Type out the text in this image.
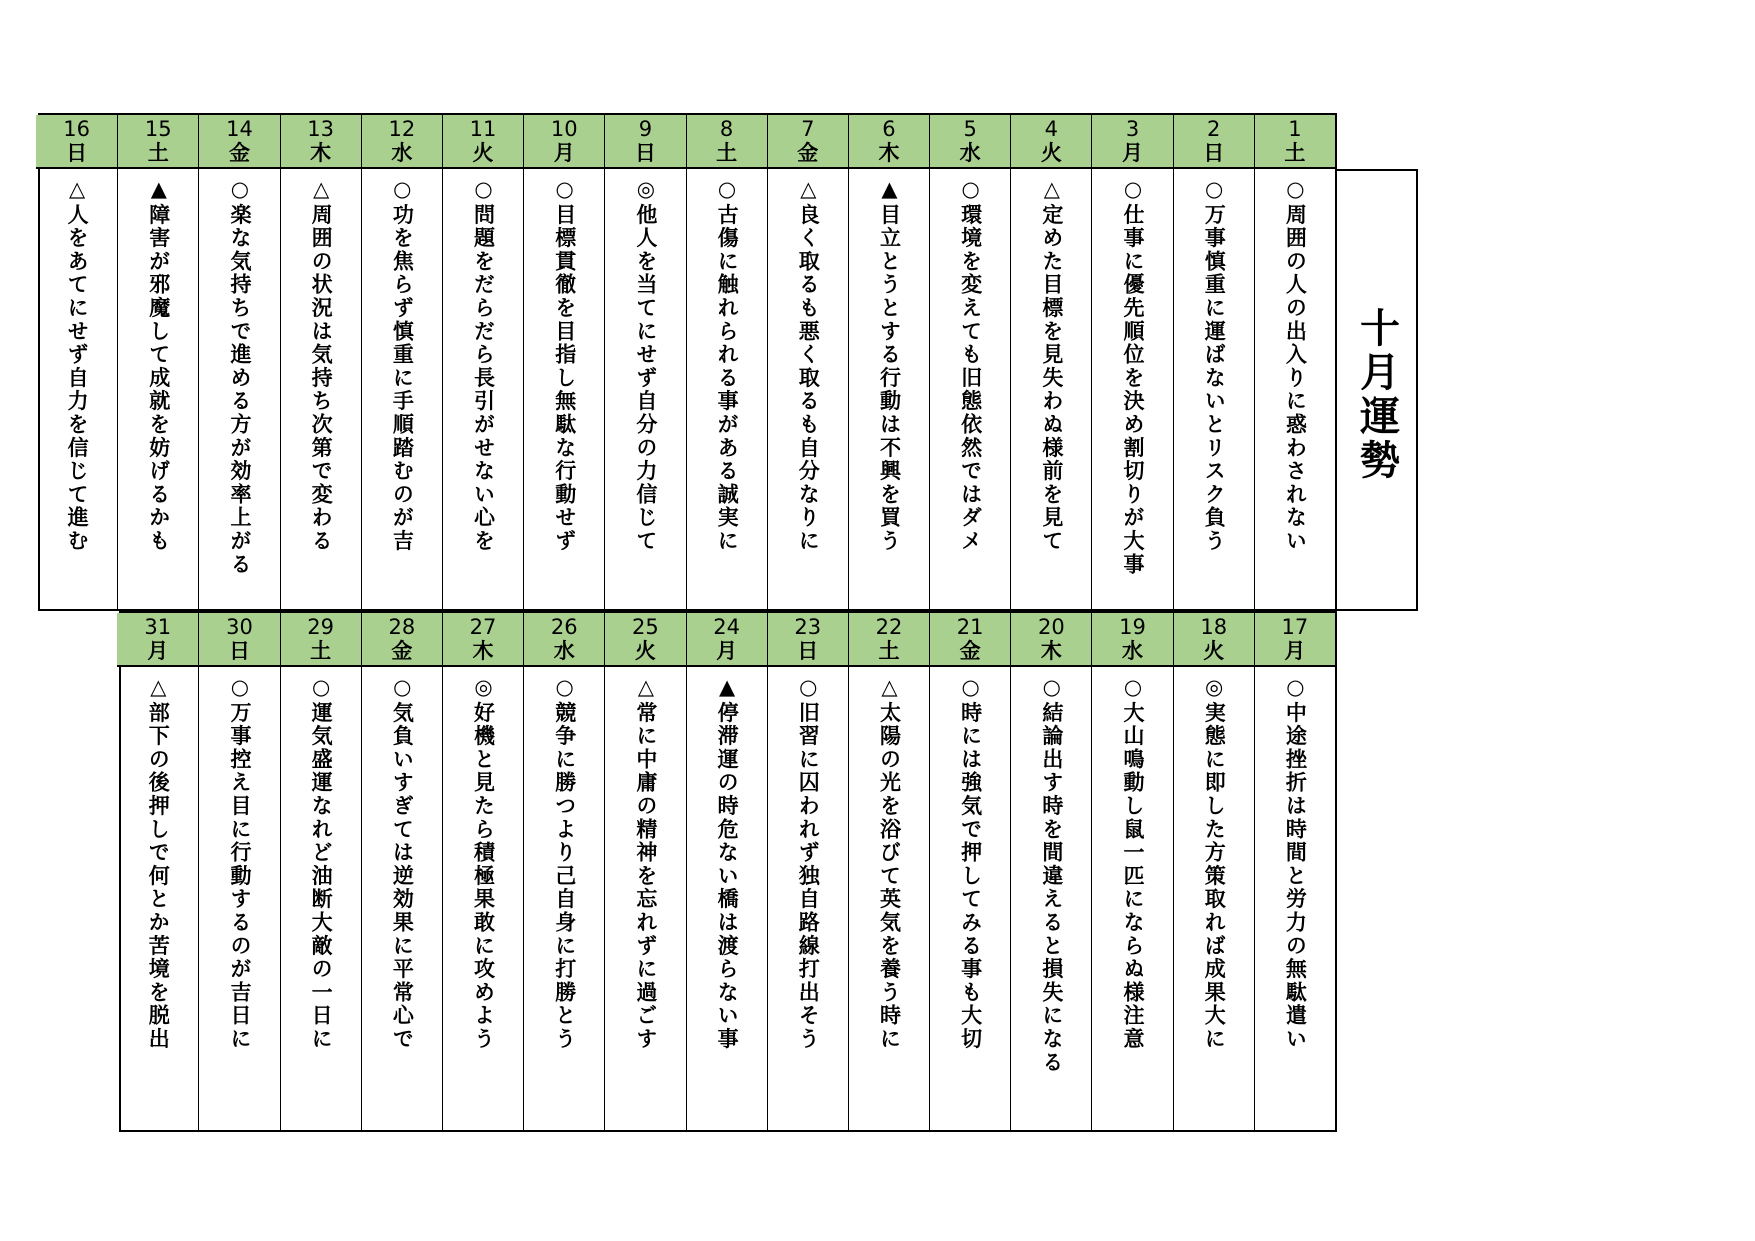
十月運勢
1
土
○周囲の人の出入りに惑わされない
2
日
○万事慎重に運ばないとリスク負う
3
月
○仕事に優先順位を決め割切りが大事
4
火
△定めた目標を見失わぬ様前を見て
5
水
○環境を変えても旧態依然ではダメ
6
木
▲目立とうとする行動は不興を買う
7
金
△良く取るも悪く取るも自分なりに
8
土
○古傷に触れられる事がある誠実に
9
日
◎他人を当てにせず自分の力信じて
10
月
○目標貫徹を目指し無駄な行動せず
11
火
○問題をだらだら長引がせない心を
12
水
○功を焦らず慎重に手順踏むのが吉
13
木
△周囲の状況は気持ち次第で変わる
14
金
○楽な気持ちで進める方が効率上がる
15
土
▲障害が邪魔して成就を妨げるかも
16
日
△人をあてにせず自力を信じて進む
17
月
○中途挫折は時間と労力の無駄遣い
18
火
◎実態に即した方策取れば成果大に
19
水
○大山鳴動し鼠一匹にならぬ様注意
20
木
○結論出す時を間違えると損失になる
21
金
○時には強気で押してみる事も大切
22
土
△太陽の光を浴びて英気を養う時に
23
日
○旧習に囚われず独自路線打出そう
24
月
▲停滞運の時危ない橋は渡らない事
25
火
△常に中庸の精神を忘れずに過ごす
26
水
○競争に勝つより己自身に打勝とう
27
木
◎好機と見たら積極果敢に攻めよう
28
金
○気負いすぎては逆効果に平常心で
29
土
○運気盛運なれど油断大敵の一日に
30
日
○万事控え目に行動するのが吉日に
31
月
△部下の後押しで何とか苦境を脱出
